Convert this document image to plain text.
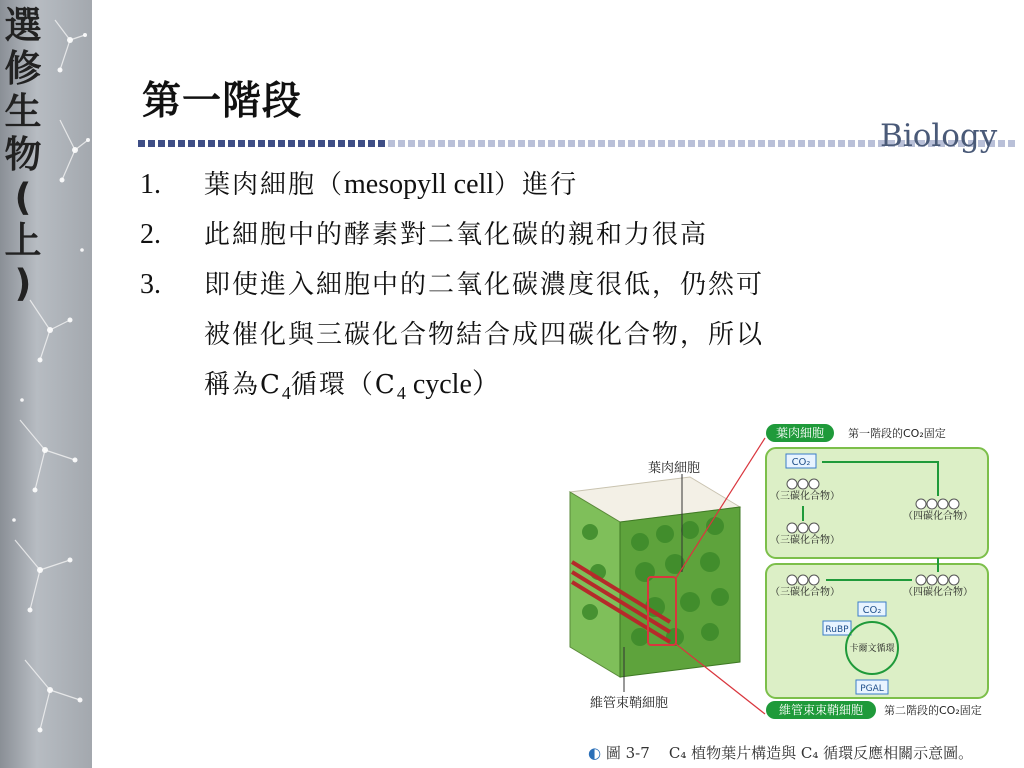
選
修
生
物
(
上
)
第一階段
Biology
1.	葉肉細胞（mesopyll cell）進行
2.	此細胞中的酵素對二氧化碳的親和力很高
3.	即使進入細胞中的二氧化碳濃度很低，仍然可
被催化與三碳化合物結合成四碳化合物，所以
稱為$C_4$循環（$C_4$ cycle）
葉肉細胞
維管束鞘細胞
葉肉細胞 第一階段的CO₂固定
CO₂
（三碳化合物）
（三碳化合物）
（四碳化合物）
（三碳化合物）	（四碳化合物）
CO₂
RuBP
卡爾文循環
PGAL
維管束束鞘細胞 第二階段的CO₂固定
◐ 圖 3-7 C₄ 植物葉片構造與 C₄ 循環反應相關示意圖。
